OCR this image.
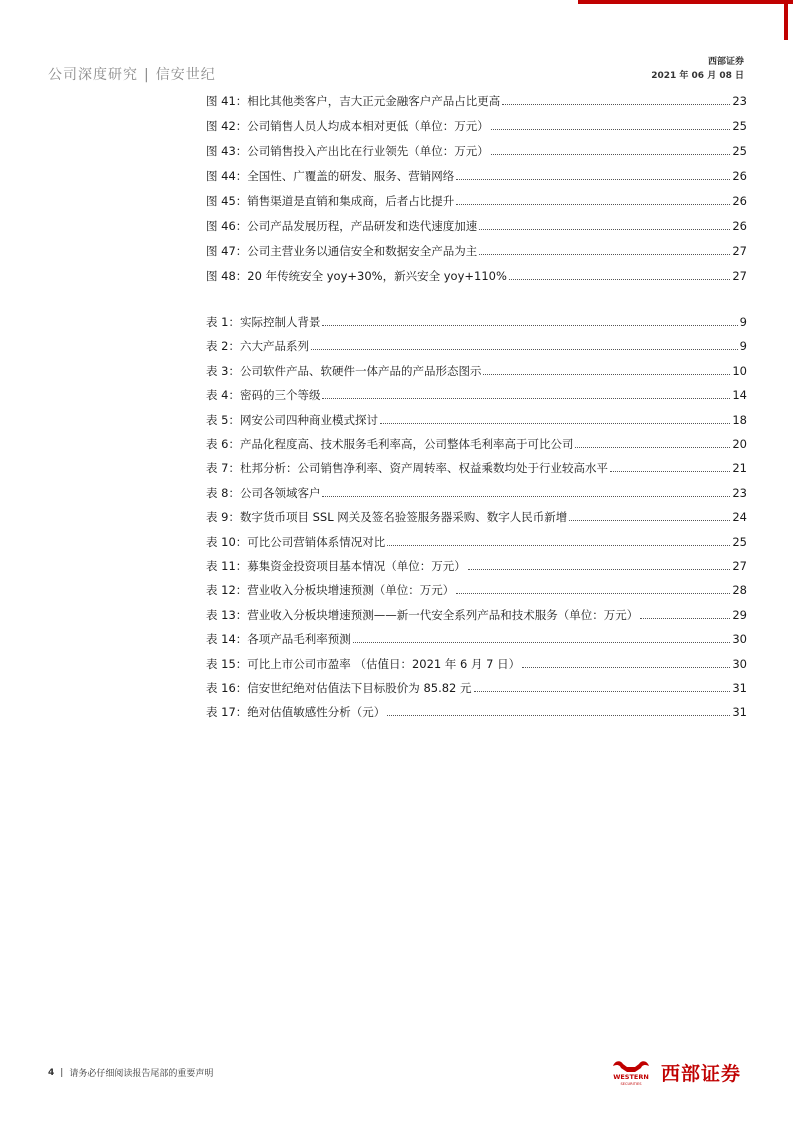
公司深度研究 | 信安世纪
西部证券
2021 年 06 月 08 日
图 41：相比其他类客户，吉大正元金融客户产品占比更高	23
图 42：公司销售人员人均成本相对更低（单位：万元）	25
图 43：公司销售投入产出比在行业领先（单位：万元）	25
图 44：全国性、广覆盖的研发、服务、营销网络	26
图 45：销售渠道是直销和集成商，后者占比提升	26
图 46：公司产品发展历程，产品研发和迭代速度加速	26
图 47：公司主营业务以通信安全和数据安全产品为主	27
图 48：20 年传统安全 yoy+30%，新兴安全 yoy+110%	27
表 1：实际控制人背景	9
表 2：六大产品系列	9
表 3：公司软件产品、软硬件一体产品的产品形态图示	10
表 4：密码的三个等级	14
表 5：网安公司四种商业模式探讨	18
表 6：产品化程度高、技术服务毛利率高，公司整体毛利率高于可比公司	20
表 7：杜邦分析：公司销售净利率、资产周转率、权益乘数均处于行业较高水平	21
表 8：公司各领域客户	23
表 9：数字货币项目 SSL 网关及签名验签服务器采购、数字人民币新增	24
表 10：可比公司营销体系情况对比	25
表 11：募集资金投资项目基本情况（单位：万元）	27
表 12：营业收入分板块增速预测（单位：万元）	28
表 13：营业收入分板块增速预测——新一代安全系列产品和技术服务（单位：万元）	29
表 14：各项产品毛利率预测	30
表 15：可比上市公司市盈率 （估值日：2021 年 6 月 7 日）	30
表 16：信安世纪绝对估值法下目标股价为 85.82 元	31
表 17：绝对估值敏感性分析（元）	31
4 | 请务必仔细阅读报告尾部的重要声明	WESTERN
SECURITIES 西部证券
